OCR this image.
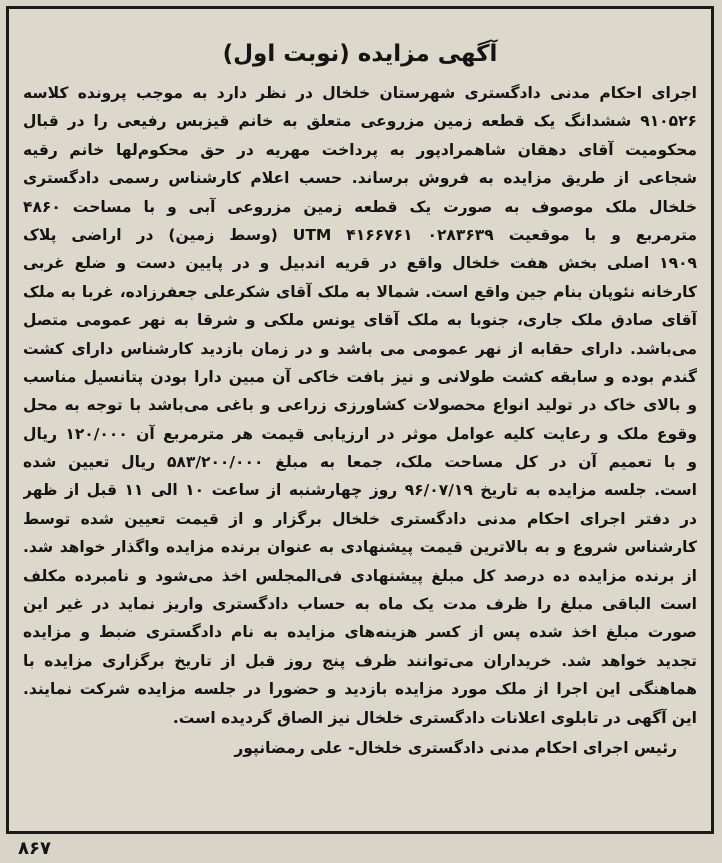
آگهی مزایده (نوبت اول)
اجرای احکام مدنی دادگستری شهرستان خلخال در نظر دارد به موجب پرونده کلاسه
۹۱۰۵۲۶ ششدانگ یک قطعه زمین مزروعی متعلق به خانم قیزبس رفیعی را در قبال
محکومیت آقای دهقان شاهمرادپور به پرداخت مهریه در حق محکوم‌لها خانم رقیه
شجاعی از طریق مزایده به فروش برساند. حسب اعلام کارشناس رسمی دادگستری
خلخال ملک موصوف به صورت یک قطعه زمین مزروعی آبی و با مساحت ۴۸۶۰
مترمربع و با موقعیت ۰۲۸۳۶۳۹ UTM ۴۱۶۶۷۶۱ (وسط زمین) در اراضی پلاک
۱۹۰۹ اصلی بخش هفت خلخال واقع در قریه اندبیل و در پایین دست و ضلع غربی
کارخانه نئوپان بنام جین واقع است. شمالا به ملک آقای شکرعلی جعفرزاده، غربا به ملک
آقای صادق ملک جاری، جنوبا به ملک آقای یونس ملکی و شرقا به نهر عمومی متصل
می‌باشد. دارای حقابه از نهر عمومی می باشد و در زمان بازدید کارشناس دارای کشت
گندم بوده و سابقه کشت طولانی و نیز بافت خاکی آن مبین دارا بودن پتانسیل مناسب
و بالای خاک در تولید انواع محصولات کشاورزی زراعی و باغی می‌باشد با توجه به محل
وقوع ملک و رعایت کلیه عوامل موثر در ارزیابی قیمت هر مترمربع آن ۱۲۰/۰۰۰ ریال
و با تعمیم آن در کل مساحت ملک، جمعا به مبلغ ۵۸۳/۲۰۰/۰۰۰ ریال تعیین شده
است. جلسه مزایده به تاریخ ۹۶/۰۷/۱۹ روز چهارشنبه از ساعت ۱۰ الی ۱۱ قبل از ظهر
در دفتر اجرای احکام مدنی دادگستری خلخال برگزار و از قیمت تعیین شده توسط
کارشناس شروع و به بالاترین قیمت پیشنهادی به عنوان برنده مزایده واگذار خواهد شد.
از برنده مزایده ده درصد کل مبلغ پیشنهادی فی‌المجلس اخذ می‌شود و نامبرده مکلف
است الباقی مبلغ را ظرف مدت یک ماه به حساب دادگستری واریز نماید در غیر این
صورت مبلغ اخذ شده پس از کسر هزینه‌های مزایده به نام دادگستری ضبط و مزایده
تجدید خواهد شد. خریداران می‌توانند ظرف پنج روز قبل از تاریخ برگزاری مزایده با
هماهنگی این اجرا از ملک مورد مزایده بازدید و حضورا در جلسه مزایده شرکت نمایند.
این آگهی در تابلوی اعلانات دادگستری خلخال نیز الصاق گردیده است.
رئیس اجرای احکام مدنی دادگستری خلخال- علی رمضانپور
۸۶۷
